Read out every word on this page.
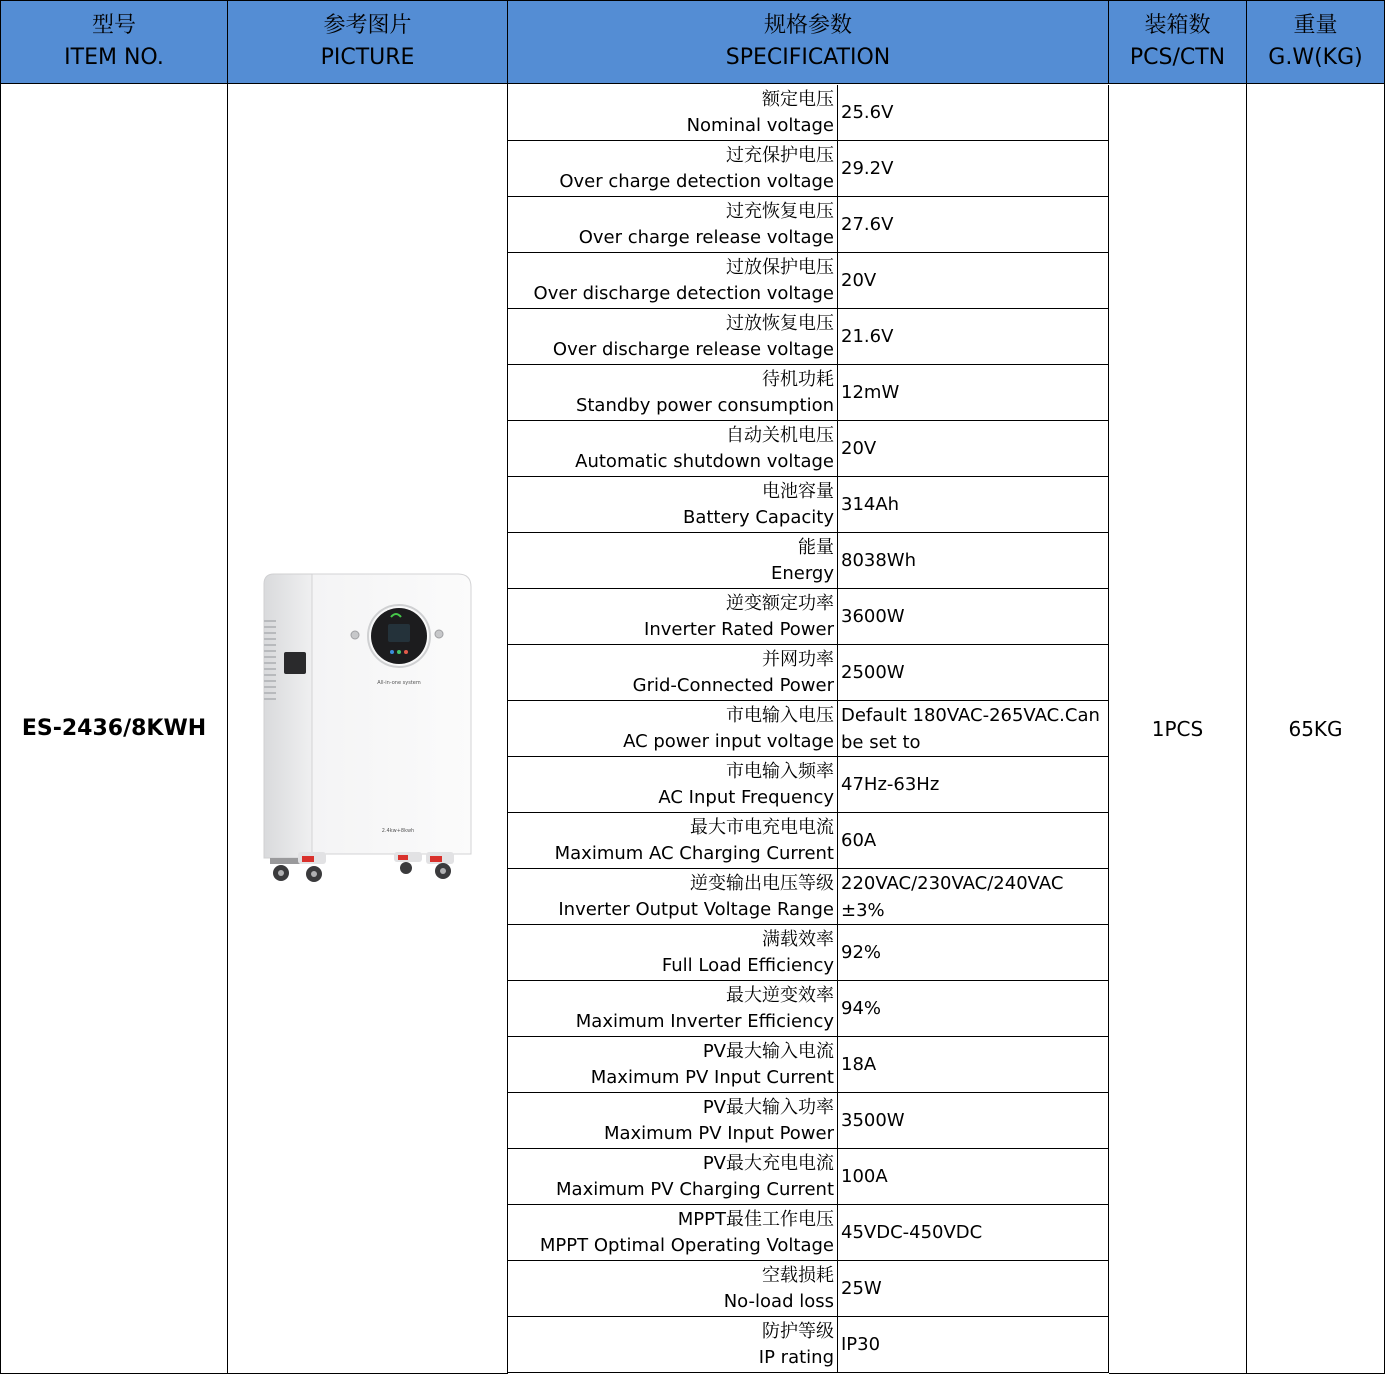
型号
ITEM NO.
参考图片
PICTURE
规格参数
SPECIFICATION
装箱数
PCS/CTN
重量
G.W(KG)
ES-2436/8KWH
All-in-one system
2.4kw+8kwh
1PCS	65KG
额定电压
Nominal voltage
25.6V
过充保护电压
Over charge detection voltage
29.2V
过充恢复电压
Over charge release voltage
27.6V
过放保护电压
Over discharge detection voltage
20V
过放恢复电压
Over discharge release voltage
21.6V
待机功耗
Standby power consumption
12mW
自动关机电压
Automatic shutdown voltage
20V
电池容量
Battery Capacity
314Ah
能量
Energy
8038Wh
逆变额定功率
Inverter Rated Power
3600W
并网功率
Grid-Connected Power
2500W
市电输入电压
AC power input voltage
Default 180VAC-265VAC.Can be set to
市电输入频率
AC Input Frequency
47Hz-63Hz
最大市电充电电流
Maximum AC Charging Current
60A
逆变输出电压等级
Inverter Output Voltage Range
220VAC/230VAC/240VAC±3%
满载效率
Full Load Efficiency
92%
最大逆变效率
Maximum Inverter Efficiency
94%
PV最大输入电流
Maximum PV Input Current
18A
PV最大输入功率
Maximum PV Input Power
3500W
PV最大充电电流
Maximum PV Charging Current
100A
MPPT最佳工作电压
MPPT Optimal Operating Voltage
45VDC-450VDC
空载损耗
No-load loss
25W
防护等级
IP rating
IP30
